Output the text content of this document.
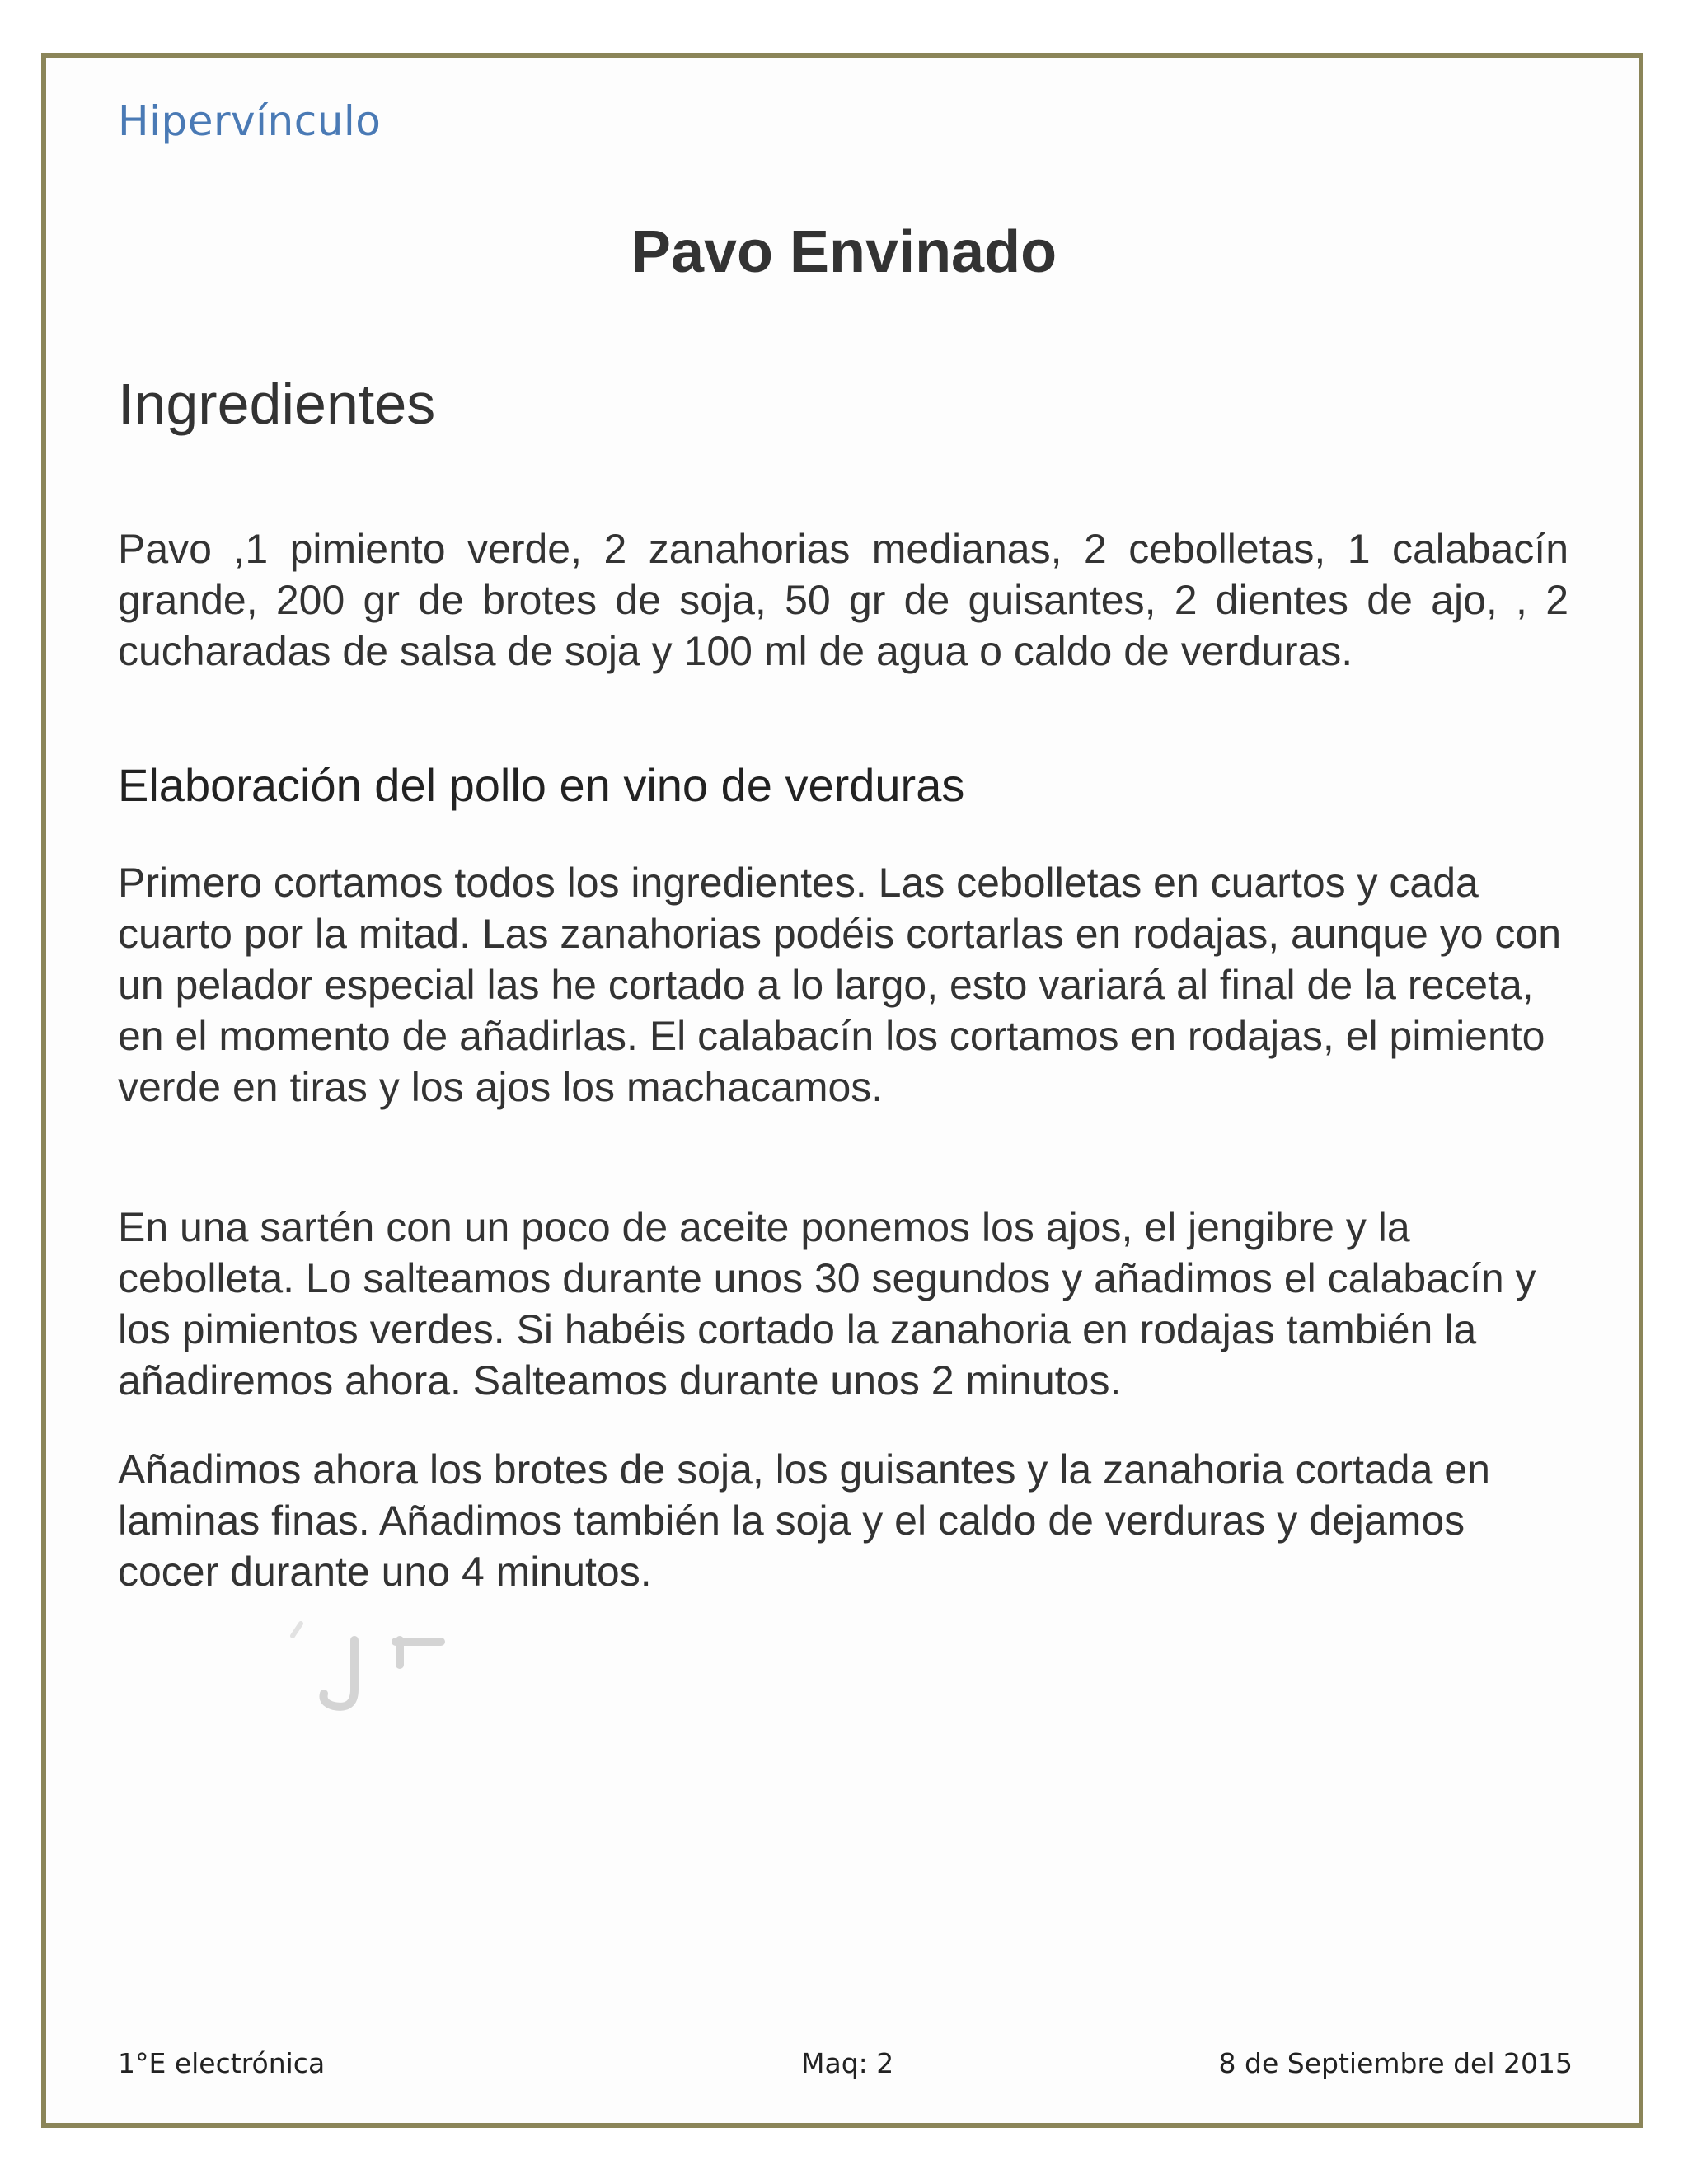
Hipervínculo
Pavo Envinado
Ingredientes

Pavo ,1 pimiento verde, 2 zanahorias medianas, 2 cebolletas, 1 calabacín grande, 200 gr de brotes de soja, 50 gr de guisantes, 2 dientes de ajo, , 2 cucharadas de salsa de soja y 100 ml de agua o caldo de verduras.

Elaboración del pollo en vino de verduras

Primero cortamos todos los ingredientes. Las cebolletas en cuartos y cada cuarto por la mitad. Las zanahorias podéis cortarlas en rodajas, aunque yo con un pelador especial las he cortado a lo largo, esto variará al final de la receta, en el momento de añadirlas. El calabacín los cortamos en rodajas, el pimiento verde en tiras y los ajos los machacamos.

En una sartén con un poco de aceite ponemos los ajos, el jengibre y la cebolleta. Lo salteamos durante unos 30 segundos y añadimos el calabacín y los pimientos verdes. Si habéis cortado la zanahoria en rodajas también la añadiremos ahora. Salteamos durante unos 2 minutos.

Añadimos ahora los brotes de soja, los guisantes y la zanahoria cortada en laminas finas. Añadimos también la soja y el caldo de verduras y dejamos cocer durante uno 4 minutos.

1°E electrónica	Maq: 2	8 de Septiembre del 2015
